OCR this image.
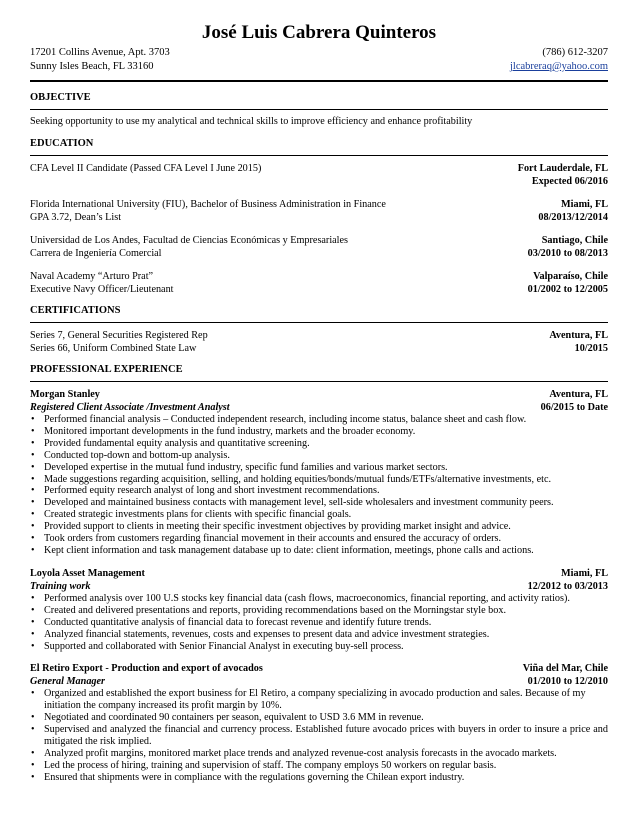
José Luis Cabrera Quinteros
17201 Collins Avenue, Apt. 3703
Sunny Isles Beach, FL 33160
(786) 612-3207
jlcabreraq@yahoo.com
OBJECTIVE
Seeking opportunity to use my analytical and technical skills to improve efficiency and enhance profitability
EDUCATION
CFA Level II Candidate (Passed CFA Level I June 2015)	Fort Lauderdale, FL
Expected 06/2016
Florida International University (FIU), Bachelor of Business Administration in Finance	Miami, FL
GPA 3.72, Dean’s List	08/2013/12/2014
Universidad de Los Andes, Facultad de Ciencias Económicas y Empresariales	Santiago, Chile
Carrera de Ingeniería Comercial	03/2010 to 08/2013
Naval Academy “Arturo Prat”	Valparaíso, Chile
Executive Navy Officer/Lieutenant	01/2002 to 12/2005
CERTIFICATIONS
Series 7, General Securities Registered Rep	Aventura, FL
Series 66, Uniform Combined State Law	10/2015
PROFESSIONAL EXPERIENCE
Morgan Stanley	Aventura, FL
Registered Client Associate /Investment Analyst	06/2015 to Date
• Performed financial analysis – Conducted independent research, including income status, balance sheet and cash flow.
• Monitored important developments in the fund industry, markets and the broader economy.
• Provided fundamental equity analysis and quantitative screening.
• Conducted top-down and bottom-up analysis.
• Developed expertise in the mutual fund industry, specific fund families and various market sectors.
• Made suggestions regarding acquisition, selling, and holding equities/bonds/mutual funds/ETFs/alternative investments, etc.
• Performed equity research analyst of long and short investment recommendations.
• Developed and maintained business contacts with management level, sell-side wholesalers and investment community peers.
• Created strategic investments plans for clients with specific financial goals.
• Provided support to clients in meeting their specific investment objectives by providing market insight and advice.
• Took orders from customers regarding financial movement in their accounts and ensured the accuracy of orders.
• Kept client information and task management database up to date: client information, meetings, phone calls and actions.
Loyola Asset Management	Miami, FL
Training work	12/2012 to 03/2013
• Performed analysis over 100 U.S stocks key financial data (cash flows, macroeconomics, financial reporting, and activity ratios).
• Created and delivered presentations and reports, providing recommendations based on the Morningstar style box.
• Conducted quantitative analysis of financial data to forecast revenue and identify future trends.
• Analyzed financial statements, revenues, costs and expenses to present data and advice investment strategies.
• Supported and collaborated with Senior Financial Analyst in executing buy-sell process.
El Retiro Export - Production and export of avocados	Viña del Mar, Chile
General Manager	01/2010 to 12/2010
• Organized and established the export business for El Retiro, a company specializing in avocado production and sales. Because of my initiation the company increased its profit margin by 10%.
• Negotiated and coordinated 90 containers per season, equivalent to USD 3.6 MM in revenue.
• Supervised and analyzed the financial and currency process. Established future avocado prices with buyers in order to insure a price and mitigated the risk implied.
• Analyzed profit margins, monitored market place trends and analyzed revenue-cost analysis forecasts in the avocado markets.
• Led the process of hiring, training and supervision of staff. The company employs 50 workers on regular basis.
• Ensured that shipments were in compliance with the regulations governing the Chilean export industry.
